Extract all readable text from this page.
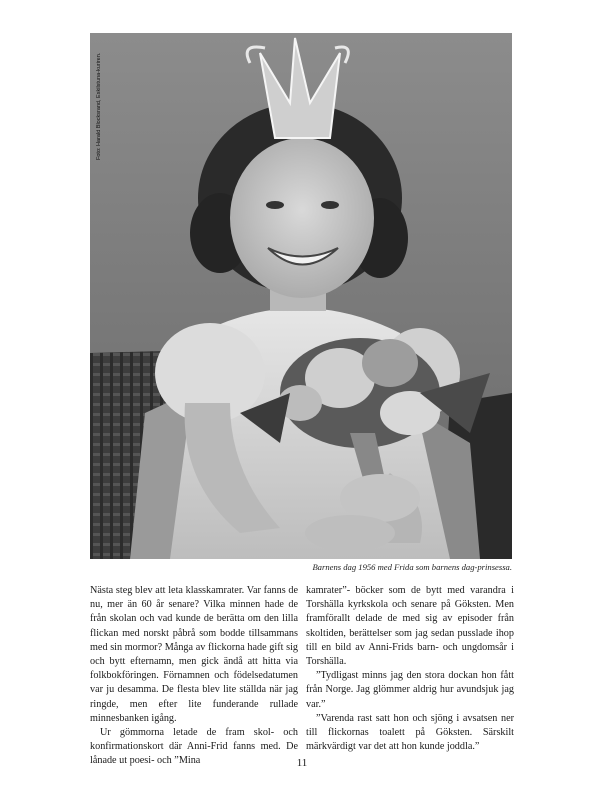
Foto: Harald Blocksrand, Eskilstuna-kuriren.
Barnens dag 1956 med Frida som barnens dag-prinsessa.

Nästa steg blev att leta klasskamrater. Var fanns de nu, mer än 60 år senare? Vilka minnen hade de från skolan och vad kunde de berätta om den lilla flickan med norskt påbrå som bodde tillsammans med sin mormor? Många av flickorna hade gift sig och bytt efternamn, men gick ändå att hitta via folkbokföringen. Förnamnen och födelsedatumen var ju desamma. De flesta blev lite ställda när jag ringde, men efter lite funderande rullade minnesbanken igång.

Ur gömmorna letade de fram skol- och konfirmationskort där Anni-Frid fanns med. De lånade ut poesi- och ”Mina

kamrater”- böcker som de bytt med varandra i Torshälla kyrkskola och senare på Göksten. Men framförallt delade de med sig av episoder från skoltiden, berättelser som jag sedan pusslade ihop till en bild av Anni-Frids barn- och ungdomsår i Torshälla.

”Tydligast minns jag den stora dockan hon fått från Norge. Jag glömmer aldrig hur avundsjuk jag var.”

”Varenda rast satt hon och sjöng i avsatsen ner till flickornas toalett på Göksten. Särskilt märkvärdigt var det att hon kunde joddla.”

11
